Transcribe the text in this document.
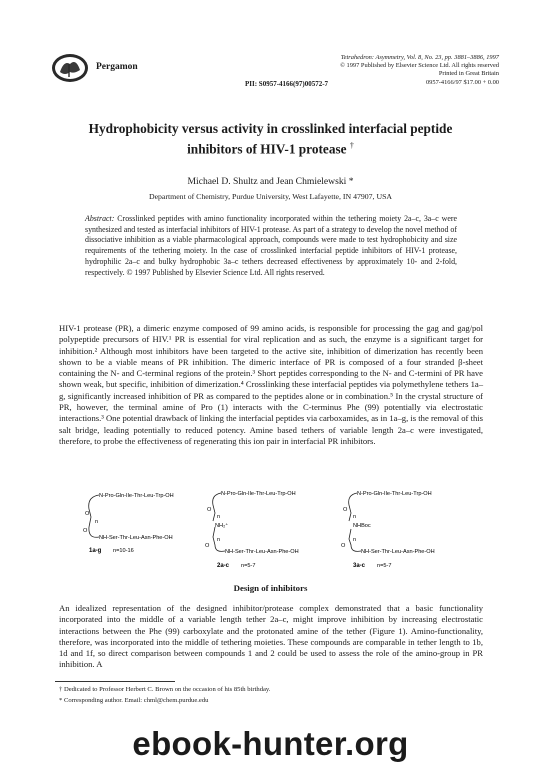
Pergamon
Tetrahedron: Asymmetry, Vol. 8, No. 23, pp. 3881–3886, 1997
© 1997 Published by Elsevier Science Ltd. All rights reserved
Printed in Great Britain
0957-4166/97 $17.00 + 0.00
PII: S0957-4166(97)00572-7
Hydrophobicity versus activity in crosslinked interfacial peptide
inhibitors of HIV-1 protease †
Michael D. Shultz and Jean Chmielewski *
Department of Chemistry, Purdue University, West Lafayette, IN 47907, USA
Abstract: Crosslinked peptides with amino functionality incorporated within the tethering moiety 2a–c, 3a–c were synthesized and tested as interfacial inhibitors of HIV-1 protease. As part of a strategy to develop the novel method of dissociative inhibition as a viable pharmacological approach, compounds were made to test hydrophobicity and size requirements of the tethering moiety. In the case of crosslinked interfacial peptide inhibitors of HIV-1 protease, hydrophilic 2a–c and bulky hydrophobic 3a–c tethers decreased effectiveness by approximately 10- and 2-fold, respectively. © 1997 Published by Elsevier Science Ltd. All rights reserved.
HIV-1 protease (PR), a dimeric enzyme composed of 99 amino acids, is responsible for processing the gag and gag/pol polypeptide precursors of HIV.¹ PR is essential for viral replication and as such, the enzyme is a significant target for inhibition.² Although most inhibitors have been targeted to the active site, inhibition of dimerization has recently been shown to be a viable means of PR inhibition. The dimeric interface of PR is composed of a four stranded β-sheet containing the N- and C-terminal regions of the protein.³ Short peptides corresponding to the N- and C-termini of PR have shown weak, but specific, inhibition of dimerization.⁴ Crosslinking these interfacial peptides via polymethylene tethers 1a–g, significantly increased inhibition of PR as compared to the peptides alone or in combination.⁵ In the crystal structure of PR, however, the terminal amine of Pro (1) interacts with the C-terminus Phe (99) potentially via electrostatic interactions.³ One potential drawback of linking the interfacial peptides via carboxamides, as in 1a–g, is the removal of this salt bridge, leading potentially to reduced potency. Amine based tethers of variable length 2a–c were investigated, therefore, to probe the effectiveness of regenerating this ion pair in interfacial PR inhibitors.
N-Pro-Gln-Ile-Thr-Leu-Trp-OH
O
n
O
NH-Ser-Thr-Leu-Asn-Phe-OH
1a-g n=10-16
N-Pro-Gln-Ile-Thr-Leu-Trp-OH
O
n
NH₂⁺
n
O
NH-Ser-Thr-Leu-Asn-Phe-OH
2a-c n=5-7
N-Pro-Gln-Ile-Thr-Leu-Trp-OH
O
n
NHBoc
n
O
NH-Ser-Thr-Leu-Asn-Phe-OH
3a-c n=5-7
Design of inhibitors
An idealized representation of the designed inhibitor/protease complex demonstrated that a basic functionality incorporated into the middle of a variable length tether 2a–c, might improve inhibition by increasing electrostatic interactions between the Phe (99) carboxylate and the protonated amine of the tether (Figure 1). Amino-functionality, therefore, was incorporated into the middle of tethering moieties. These compounds are comparable in tether length to 1b, 1d and 1f, so direct comparison between compounds 1 and 2 could be used to assess the role of the amino-group in PR inhibition. A
† Dedicated to Professor Herbert C. Brown on the occasion of his 85th birthday.
* Corresponding author. Email: chml@chem.purdue.edu
ebook-hunter.org
